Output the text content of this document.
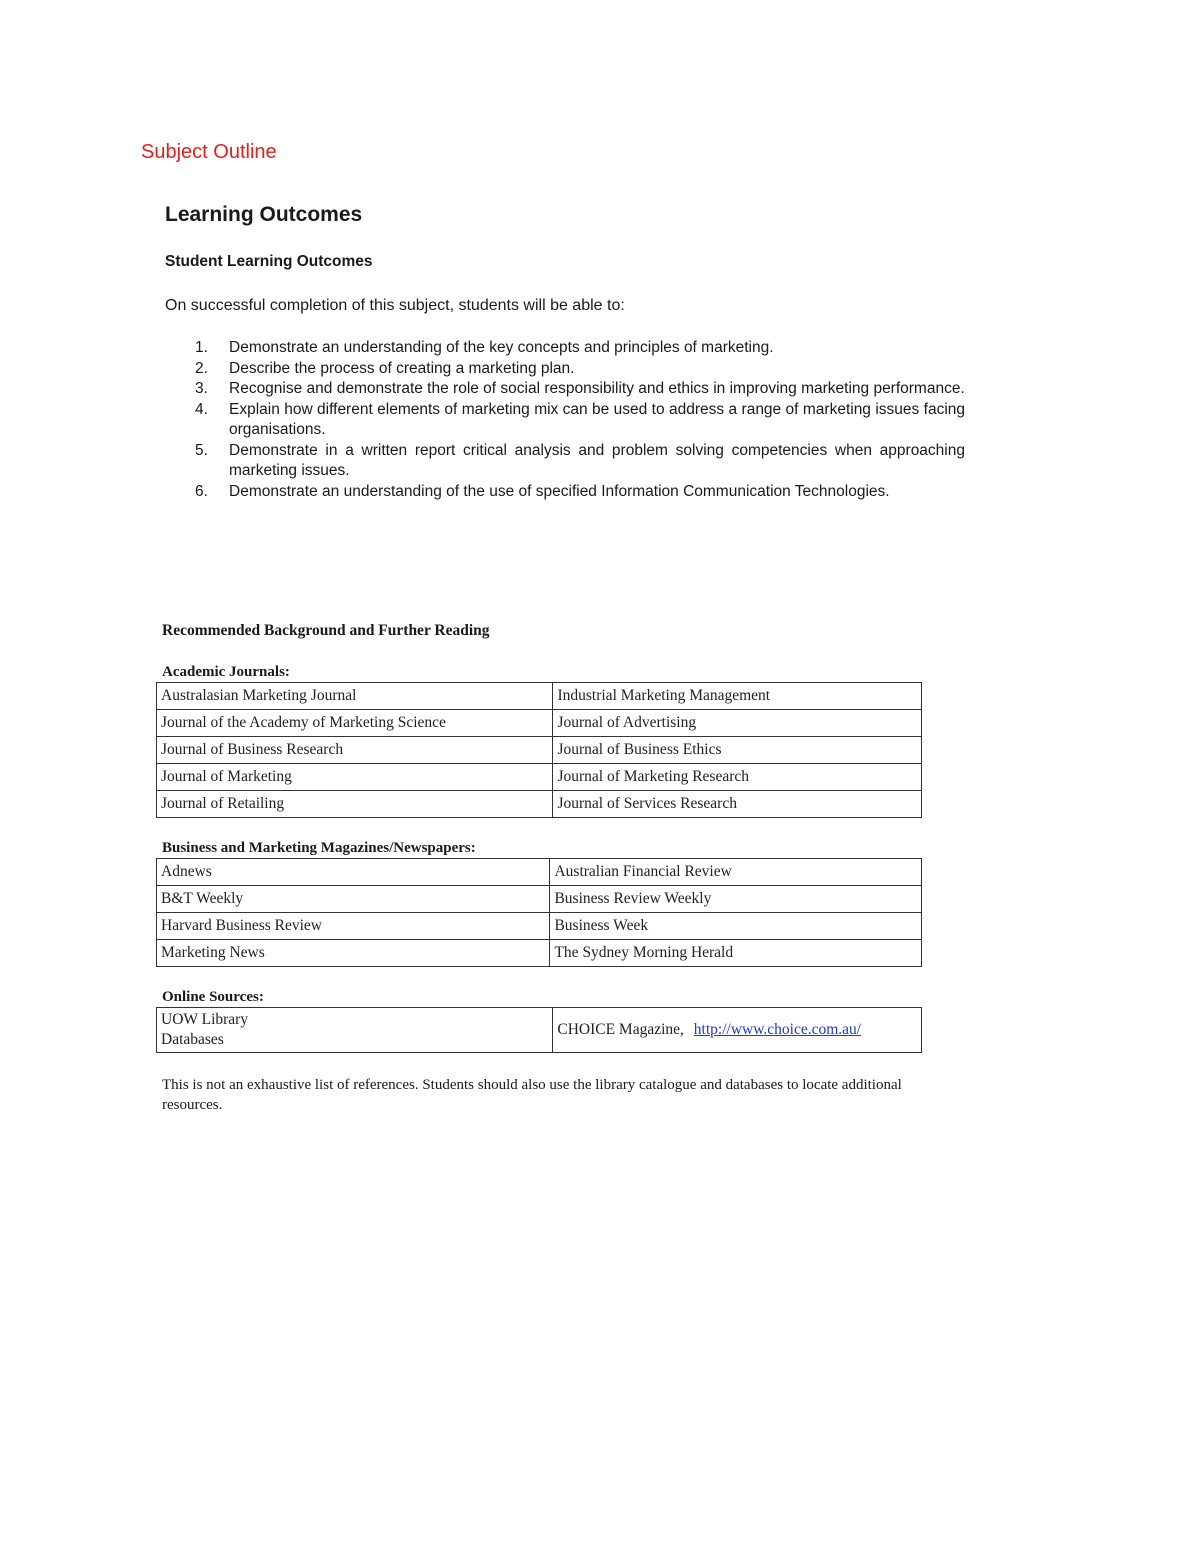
Subject Outline
Learning Outcomes
Student Learning Outcomes

On successful completion of this subject, students will be able to:

1. Demonstrate an understanding of the key concepts and principles of marketing.
2. Describe the process of creating a marketing plan.
3. Recognise and demonstrate the role of social responsibility and ethics in improving marketing performance.
4. Explain how different elements of marketing mix can be used to address a range of marketing issues facing organisations.
5. Demonstrate in a written report critical analysis and problem solving competencies when approaching marketing issues.
6. Demonstrate an understanding of the use of specified Information Communication Technologies.
Recommended Background and Further Reading
Academic Journals:
Australasian Marketing Journal	Industrial Marketing Management
Journal of the Academy of Marketing Science	Journal of Advertising
Journal of Business Research	Journal of Business Ethics
Journal of Marketing	Journal of Marketing Research
Journal of Retailing	Journal of Services Research
Business and Marketing Magazines/Newspapers:
Adnews	Australian Financial Review
B&T Weekly	Business Review Weekly
Harvard Business Review	Business Week
Marketing News	The Sydney Morning Herald
Online Sources:
UOW Library
Databases
	CHOICE Magazine, http://www.choice.com.au/
This is not an exhaustive list of references. Students should also use the library catalogue and databases to locate additional resources.
